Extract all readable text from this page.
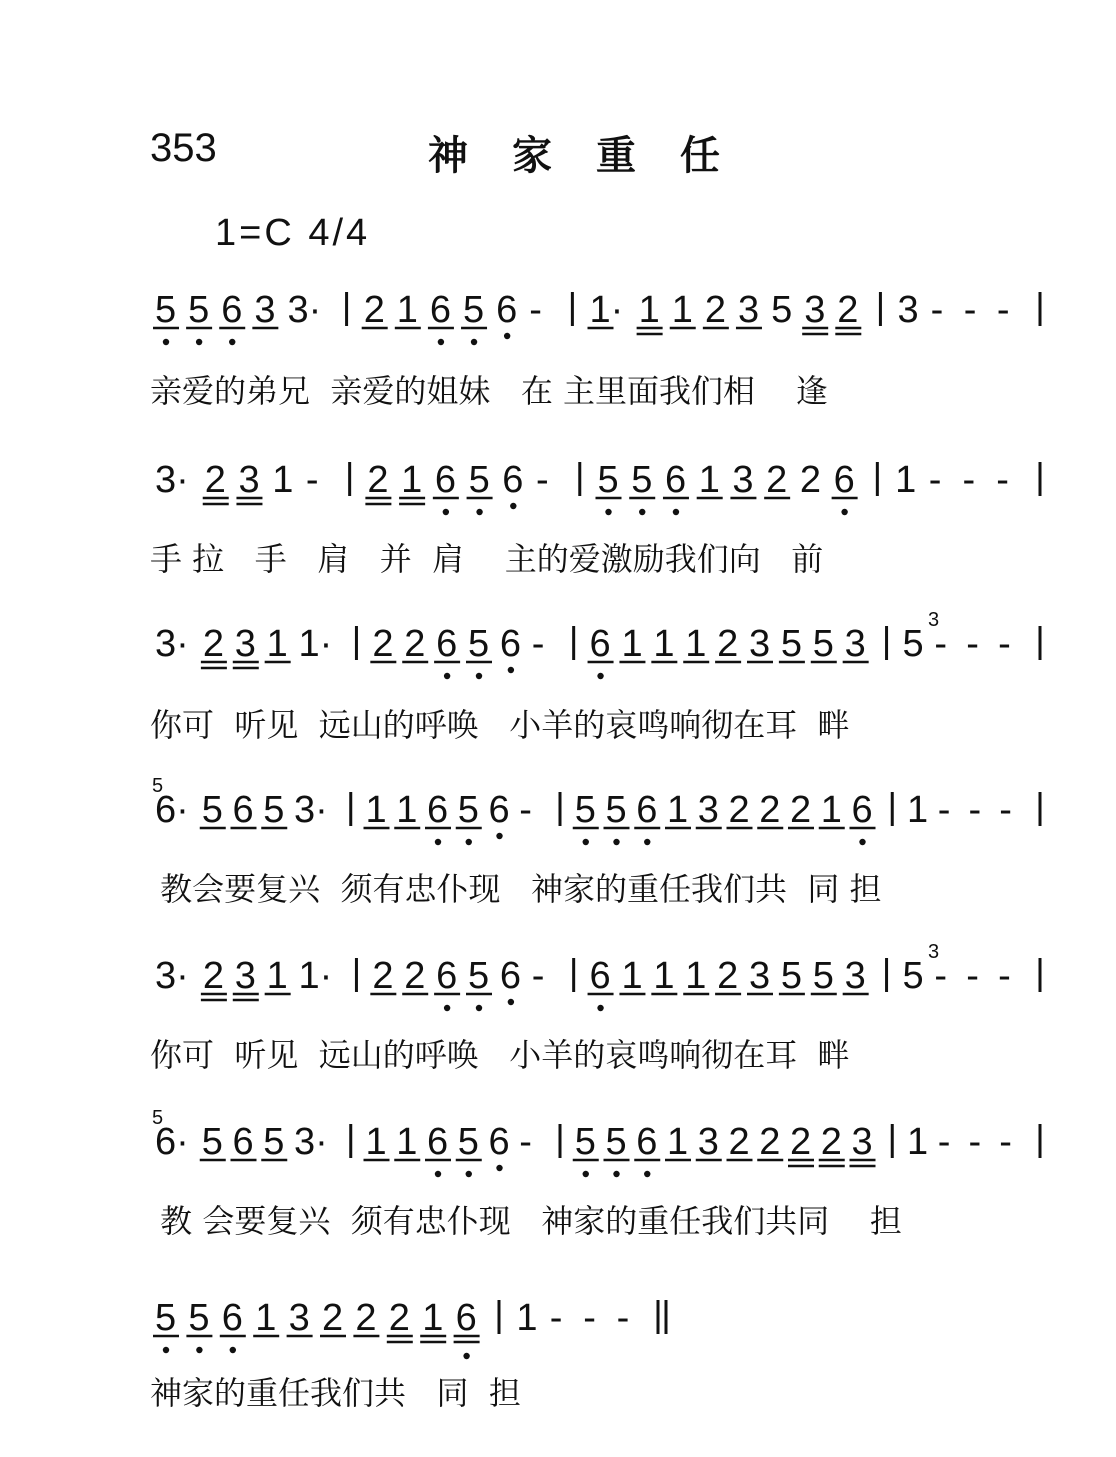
353	神家重任
1=C 4/4
5 5 6 3 3· 2 1 6 5 6 - 1· 1 1 2 3 5 3 2 3 - - -
亲爱的弟兄  亲爱的姐妹   在 主里面我们相    逢
3· 2 3 1 - 2 1 6 5 6 - 5 5 6 1 3 2 2 6 1 - - -
手 拉   手   肩   并  肩    主的爱激励我们向   前
3
3· 2 3 1 1· 2 2 6 5 6 - 6 1 1 1 2 3 5 5 3 5 - - -
你可  听见  远山的呼唤   小羊的哀鸣响彻在耳  畔
5
6· 5 6 5 3· 1 1 6 5 6 - 5 5 6 1 3 2 2 2 1 6 1 - - -
教会要复兴  须有忠仆现   神家的重任我们共  同 担
3
3· 2 3 1 1· 2 2 6 5 6 - 6 1 1 1 2 3 5 5 3 5 - - -
你可  听见  远山的呼唤   小羊的哀鸣响彻在耳  畔
5
6· 5 6 5 3· 1 1 6 5 6 - 5 5 6 1 3 2 2 2 2 3 1 - - -
教 会要复兴  须有忠仆现   神家的重任我们共同    担
5 5 6 1 3 2 2 2 1 6 1 - - -
神家的重任我们共   同  担
